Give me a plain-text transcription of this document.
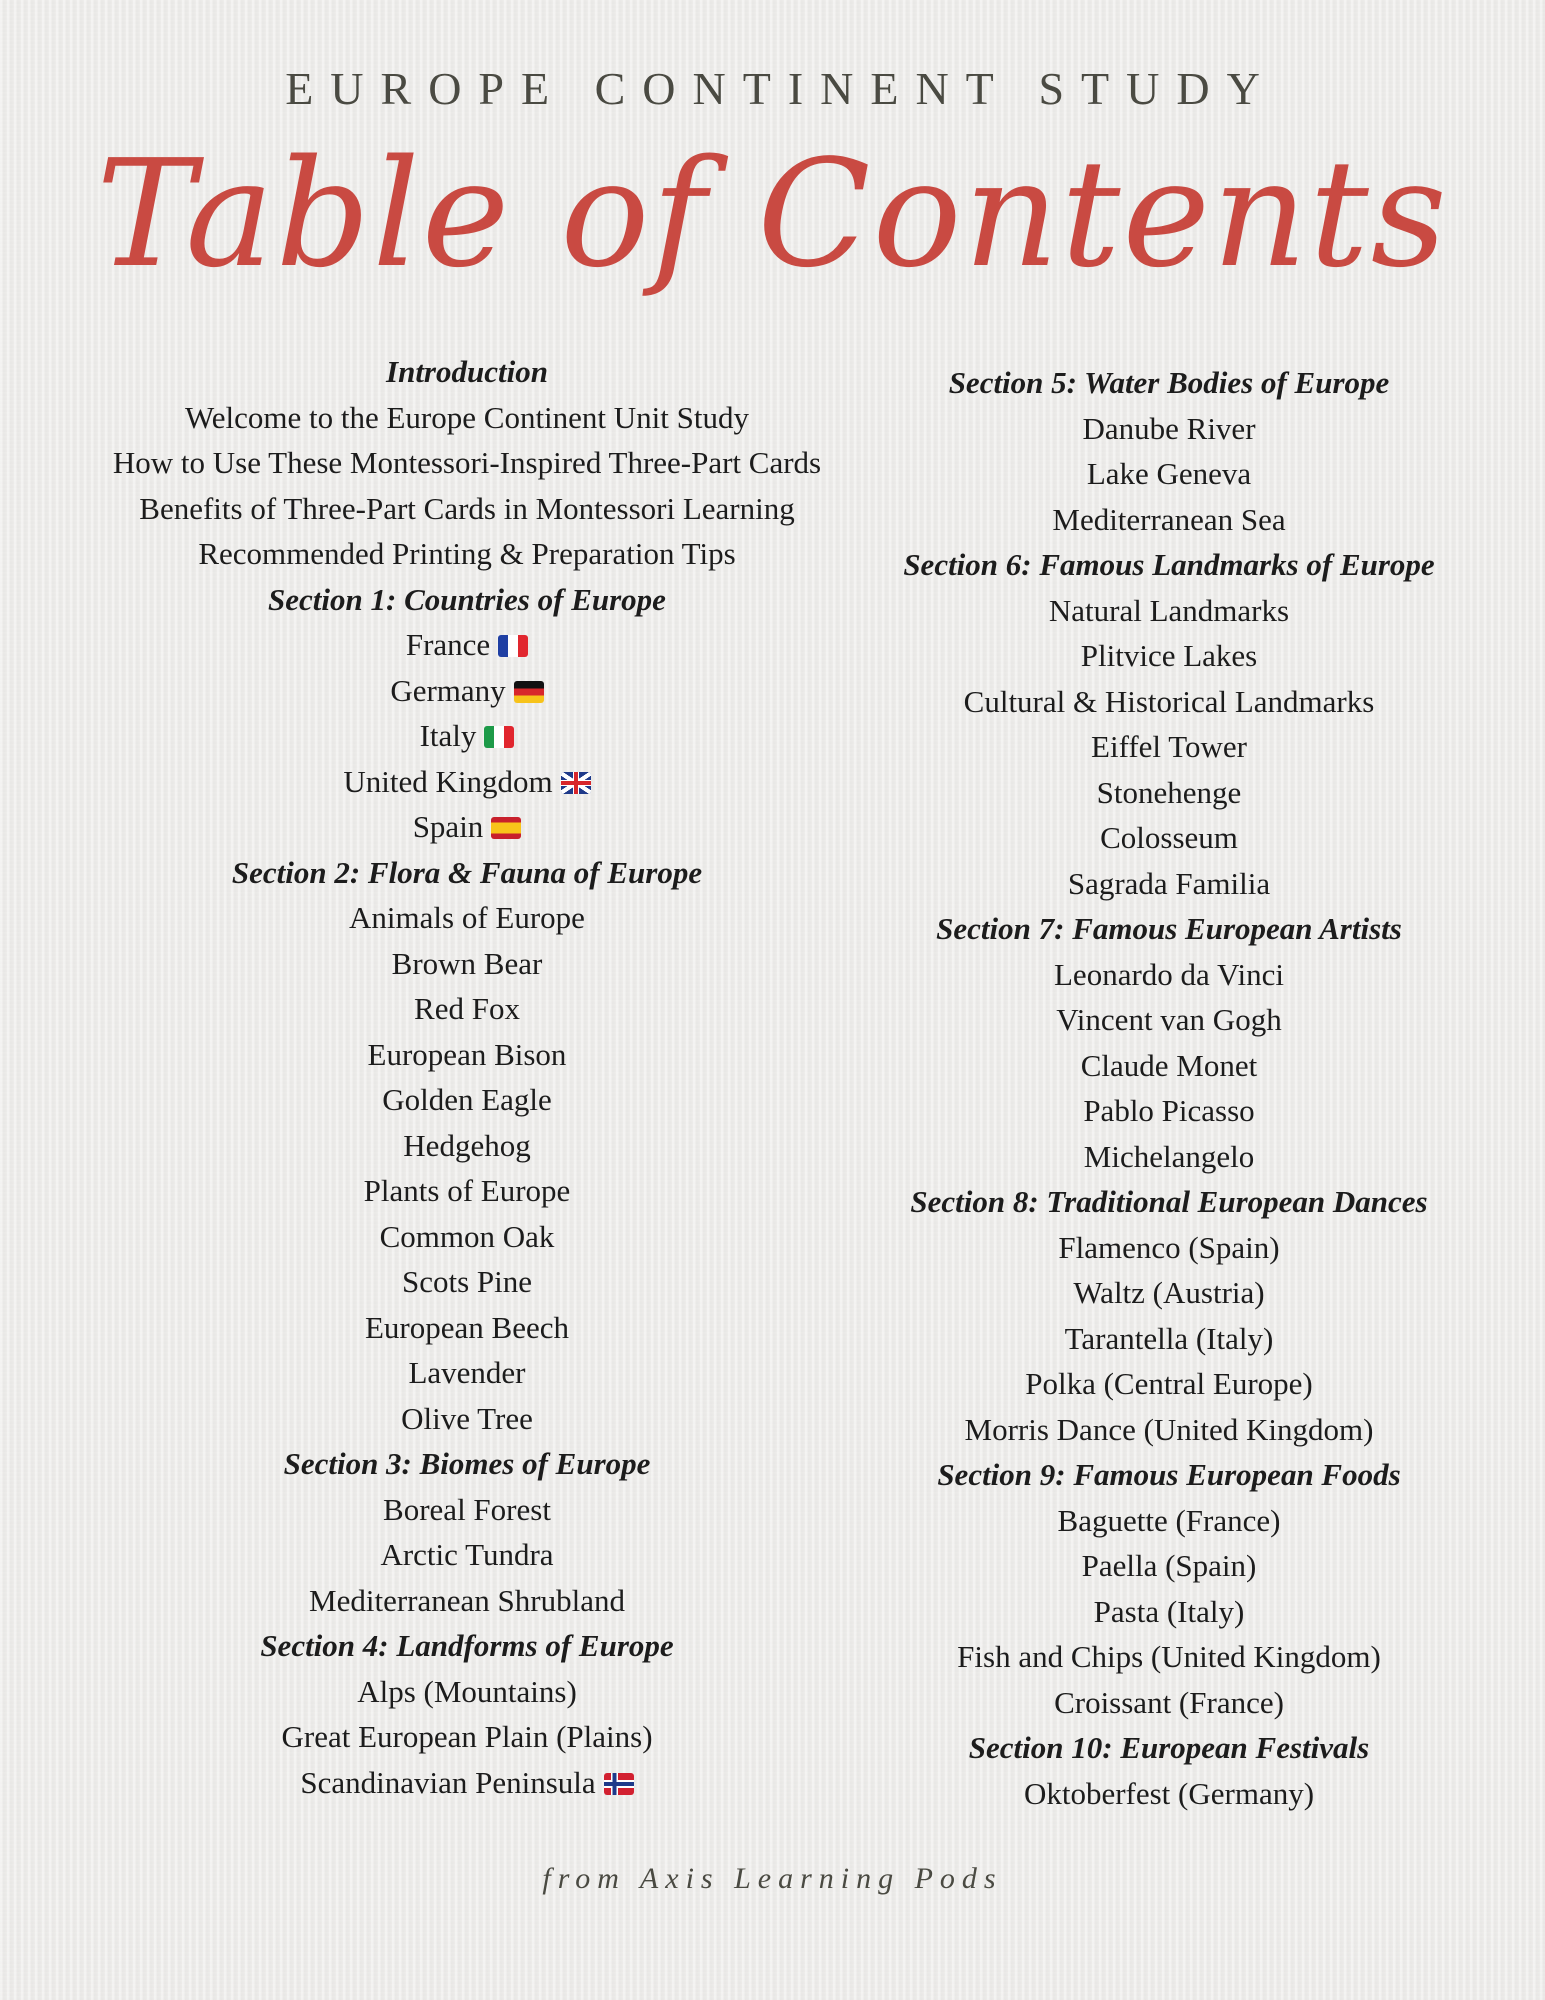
EUROPE CONTINENT STUDY
Table of Contents
Introduction
Welcome to the Europe Continent Unit Study
How to Use These Montessori-Inspired Three-Part Cards
Benefits of Three-Part Cards in Montessori Learning
Recommended Printing & Preparation Tips
Section 1: Countries of Europe
France
Germany
Italy
United Kingdom
Spain
Section 2: Flora & Fauna of Europe
Animals of Europe
Brown Bear
Red Fox
European Bison
Golden Eagle
Hedgehog
Plants of Europe
Common Oak
Scots Pine
European Beech
Lavender
Olive Tree
Section 3: Biomes of Europe
Boreal Forest
Arctic Tundra
Mediterranean Shrubland
Section 4: Landforms of Europe
Alps (Mountains)
Great European Plain (Plains)
Scandinavian Peninsula
Section 5: Water Bodies of Europe
Danube River
Lake Geneva
Mediterranean Sea
Section 6: Famous Landmarks of Europe
Natural Landmarks
Plitvice Lakes
Cultural & Historical Landmarks
Eiffel Tower
Stonehenge
Colosseum
Sagrada Familia
Section 7: Famous European Artists
Leonardo da Vinci
Vincent van Gogh
Claude Monet
Pablo Picasso
Michelangelo
Section 8: Traditional European Dances
Flamenco (Spain)
Waltz (Austria)
Tarantella (Italy)
Polka (Central Europe)
Morris Dance (United Kingdom)
Section 9: Famous European Foods
Baguette (France)
Paella (Spain)
Pasta (Italy)
Fish and Chips (United Kingdom)
Croissant (France)
Section 10: European Festivals
Oktoberfest (Germany)
from Axis Learning Pods
